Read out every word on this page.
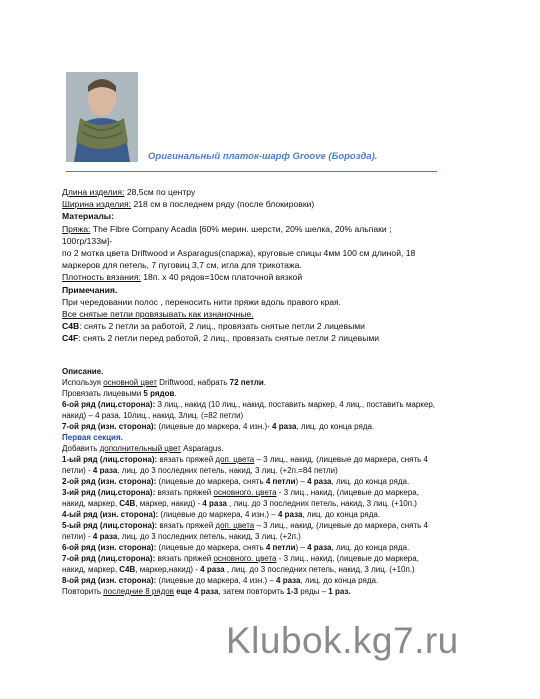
Оригинальный платок-шарф Groove (Борозда).
Длина изделия: 28,5см по центру
Ширина изделия: 218 см в последнем ряду (после блокировки)
Материалы:
Пряжа: The Fibre Company Acadia [60% мерин. шерсти, 20% шелка, 20% альпаки ;
100гр/133м]-
по 2 мотка цвета Driftwood и Asparagus(спаржа), круговые спицы 4мм 100 см длиной, 18
маркеров для петель, 7 пуговиц 3,7 см, игла для трикотажа.
Плотность вязания: 18п. х 40 рядов=10см платочной вязкой
Примечания.
При чередовании полос , переносить нити пряжи вдоль правого края.
Все снятые петли провязывать как изнаночные.
С4В: снять 2 петли за работой, 2 лиц., провязать снятые петли 2 лицевыми
С4F: снять 2 петли перед работой, 2 лиц., провязать снятые петли 2 лицевыми
Описание.
Используя основной цвет Driftwood, набрать 72 петли.
Провязать лицевыми 5 рядов.
6-ой ряд (лиц.сторона): 3 лиц., накид (10 лиц., накид, поставить маркер, 4 лиц., поставить маркер,
накид) – 4 раза, 10лиц., накид, 3лиц. (=82 петли)
7-ой ряд (изн. сторона): (лицевые до маркера, 4 изн.)- 4 раза, лиц. до конца ряда.
Первая секция.
Добавить дополнительный цвет Asparagus.
1-ый ряд (лиц.сторона): вязать пряжей доп. цвета – 3 лиц., накид, (лицевые до маркера, снять 4
петли) - 4 раза, лиц. до 3 последних петель, накид, 3 лиц. (+2п.=84 петли)
2-ой ряд (изн. сторона): (лицевые до маркера, снять 4 петли) – 4 раза, лиц. до конца ряда.
3-ий ряд (лиц.сторона): вязать пряжей основного. цвета - 3 лиц., накид, (лицевые до маркера,
накид, маркер, С4В, маркер, накид) - 4 раза , лиц. до 3 последних петель, накид, 3 лиц. (+10п.)
4-ый ряд (изн. сторона): (лицевые до маркера, 4 изн.) – 4 раза, лиц. до конца ряда.
5-ый ряд (лиц.сторона): вязать пряжей доп. цвета – 3 лиц., накид, (лицевые до маркера, снять 4
петли) - 4 раза, лиц. до 3 последних петель, накид, 3 лиц. (+2п.)
6-ой ряд (изн. сторона): (лицевые до маркера, снять 4 петли) – 4 раза, лиц. до конца ряда.
7-ой ряд (лиц.сторона): вязать пряжей основного. цвета - 3 лиц., накид, (лицевые до маркера,
накид, маркер, С4В, маркер,накид) - 4 раза , лиц. до 3 последних петель, накид, 3 лиц. (+10п.)
8-ой ряд (изн. сторона): (лицевые до маркера, 4 изн.) – 4 раза, лиц. до конца ряда.
Повторить последние 8 рядов еще 4 раза, затем повторить 1-3 ряды – 1 раз.
Klubok.kg7.ru
